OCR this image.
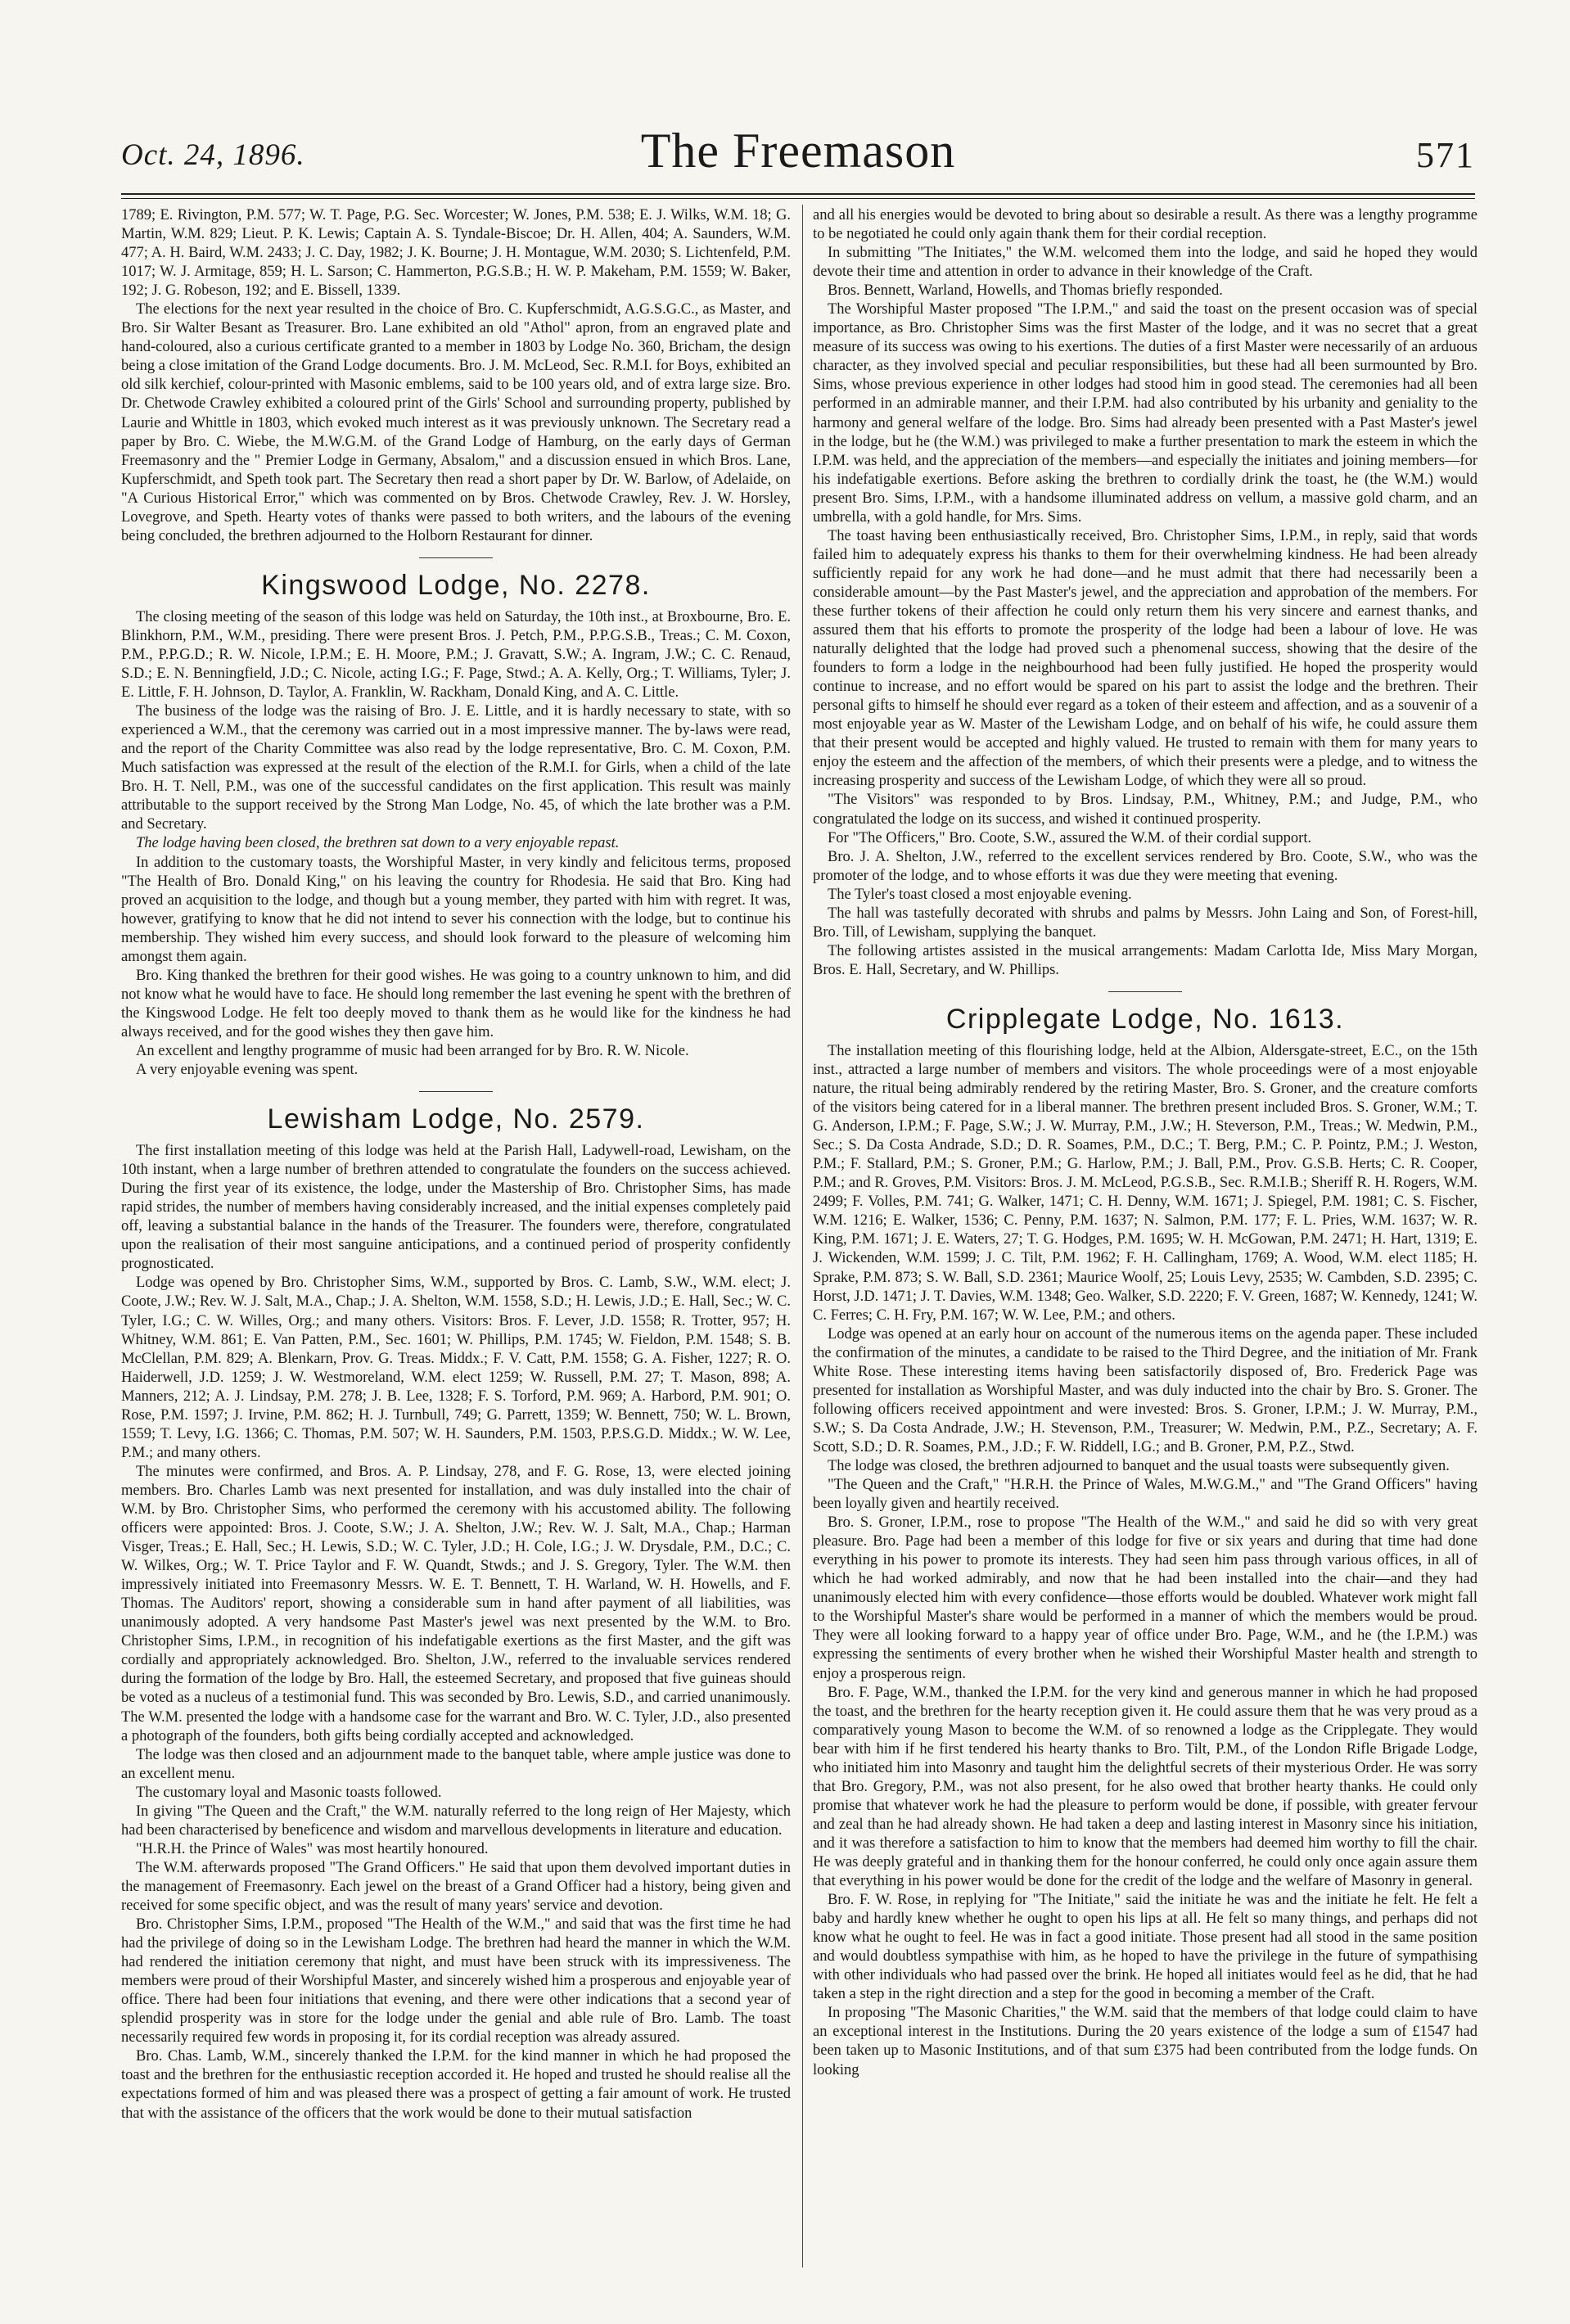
Oct. 24, 1896.	The Freemason	571

1789; E. Rivington, P.M. 577; W. T. Page, P.G. Sec. Worcester; W. Jones, P.M. 538; E. J. Wilks, W.M. 18; G. Martin, W.M. 829; Lieut. P. K. Lewis; Captain A. S. Tyndale-Biscoe; Dr. H. Allen, 404; A. Saunders, W.M. 477; A. H. Baird, W.M. 2433; J. C. Day, 1982; J. K. Bourne; J. H. Montague, W.M. 2030; S. Lichtenfeld, P.M. 1017; W. J. Armitage, 859; H. L. Sarson; C. Hammerton, P.G.S.B.; H. W. P. Makeham, P.M. 1559; W. Baker, 192; J. G. Robeson, 192; and E. Bissell, 1339.

The elections for the next year resulted in the choice of Bro. C. Kupferschmidt, A.G.S.G.C., as Master, and Bro. Sir Walter Besant as Treasurer. Bro. Lane exhibited an old "Athol" apron, from an engraved plate and hand-coloured, also a curious certificate granted to a member in 1803 by Lodge No. 360, Bricham, the design being a close imitation of the Grand Lodge documents. Bro. J. M. McLeod, Sec. R.M.I. for Boys, exhibited an old silk kerchief, colour-printed with Masonic emblems, said to be 100 years old, and of extra large size. Bro. Dr. Chetwode Crawley exhibited a coloured print of the Girls' School and surrounding property, published by Laurie and Whittle in 1803, which evoked much interest as it was previously unknown. The Secretary read a paper by Bro. C. Wiebe, the M.W.G.M. of the Grand Lodge of Hamburg, on the early days of German Freemasonry and the " Premier Lodge in Germany, Absalom," and a discussion ensued in which Bros. Lane, Kupferschmidt, and Speth took part. The Secretary then read a short paper by Dr. W. Barlow, of Adelaide, on "A Curious Historical Error," which was commented on by Bros. Chetwode Crawley, Rev. J. W. Horsley, Lovegrove, and Speth. Hearty votes of thanks were passed to both writers, and the labours of the evening being concluded, the brethren adjourned to the Holborn Restaurant for dinner.

Kingswood Lodge, No. 2278.

The closing meeting of the season of this lodge was held on Saturday, the 10th inst., at Broxbourne, Bro. E. Blinkhorn, P.M., W.M., presiding. There were present Bros. J. Petch, P.M., P.P.G.S.B., Treas.; C. M. Coxon, P.M., P.P.G.D.; R. W. Nicole, I.P.M.; E. H. Moore, P.M.; J. Gravatt, S.W.; A. Ingram, J.W.; C. C. Renaud, S.D.; E. N. Benningfield, J.D.; C. Nicole, acting I.G.; F. Page, Stwd.; A. A. Kelly, Org.; T. Williams, Tyler; J. E. Little, F. H. Johnson, D. Taylor, A. Franklin, W. Rackham, Donald King, and A. C. Little.

The business of the lodge was the raising of Bro. J. E. Little, and it is hardly necessary to state, with so experienced a W.M., that the ceremony was carried out in a most impressive manner. The by-laws were read, and the report of the Charity Committee was also read by the lodge representative, Bro. C. M. Coxon, P.M. Much satisfaction was expressed at the result of the election of the R.M.I. for Girls, when a child of the late Bro. H. T. Nell, P.M., was one of the successful candidates on the first application. This result was mainly attributable to the support received by the Strong Man Lodge, No. 45, of which the late brother was a P.M. and Secretary.

The lodge having been closed, the brethren sat down to a very enjoyable repast.

In addition to the customary toasts, the Worshipful Master, in very kindly and felicitous terms, proposed "The Health of Bro. Donald King," on his leaving the country for Rhodesia. He said that Bro. King had proved an acquisition to the lodge, and though but a young member, they parted with him with regret. It was, however, gratifying to know that he did not intend to sever his connection with the lodge, but to continue his membership. They wished him every success, and should look forward to the pleasure of welcoming him amongst them again.

Bro. King thanked the brethren for their good wishes. He was going to a country unknown to him, and did not know what he would have to face. He should long remember the last evening he spent with the brethren of the Kingswood Lodge. He felt too deeply moved to thank them as he would like for the kindness he had always received, and for the good wishes they then gave him.

An excellent and lengthy programme of music had been arranged for by Bro. R. W. Nicole.

A very enjoyable evening was spent.

Lewisham Lodge, No. 2579.

The first installation meeting of this lodge was held at the Parish Hall, Ladywell-road, Lewisham, on the 10th instant, when a large number of brethren attended to congratulate the founders on the success achieved. During the first year of its existence, the lodge, under the Mastership of Bro. Christopher Sims, has made rapid strides, the number of members having considerably increased, and the initial expenses completely paid off, leaving a substantial balance in the hands of the Treasurer. The founders were, therefore, congratulated upon the realisation of their most sanguine anticipations, and a continued period of prosperity confidently prognosticated.

Lodge was opened by Bro. Christopher Sims, W.M., supported by Bros. C. Lamb, S.W., W.M. elect; J. Coote, J.W.; Rev. W. J. Salt, M.A., Chap.; J. A. Shelton, W.M. 1558, S.D.; H. Lewis, J.D.; E. Hall, Sec.; W. C. Tyler, I.G.; C. W. Willes, Org.; and many others. Visitors: Bros. F. Lever, J.D. 1558; R. Trotter, 957; H. Whitney, W.M. 861; E. Van Patten, P.M., Sec. 1601; W. Phillips, P.M. 1745; W. Fieldon, P.M. 1548; S. B. McClellan, P.M. 829; A. Blenkarn, Prov. G. Treas. Middx.; F. V. Catt, P.M. 1558; G. A. Fisher, 1227; R. O. Haiderwell, J.D. 1259; J. W. Westmoreland, W.M. elect 1259; W. Russell, P.M. 27; T. Mason, 898; A. Manners, 212; A. J. Lindsay, P.M. 278; J. B. Lee, 1328; F. S. Torford, P.M. 969; A. Harbord, P.M. 901; O. Rose, P.M. 1597; J. Irvine, P.M. 862; H. J. Turnbull, 749; G. Parrett, 1359; W. Bennett, 750; W. L. Brown, 1559; T. Levy, I.G. 1366; C. Thomas, P.M. 507; W. H. Saunders, P.M. 1503, P.P.S.G.D. Middx.; W. W. Lee, P.M.; and many others.

The minutes were confirmed, and Bros. A. P. Lindsay, 278, and F. G. Rose, 13, were elected joining members. Bro. Charles Lamb was next presented for installation, and was duly installed into the chair of W.M. by Bro. Christopher Sims, who performed the ceremony with his accustomed ability. The following officers were appointed: Bros. J. Coote, S.W.; J. A. Shelton, J.W.; Rev. W. J. Salt, M.A., Chap.; Harman Visger, Treas.; E. Hall, Sec.; H. Lewis, S.D.; W. C. Tyler, J.D.; H. Cole, I.G.; J. W. Drysdale, P.M., D.C.; C. W. Wilkes, Org.; W. T. Price Taylor and F. W. Quandt, Stwds.; and J. S. Gregory, Tyler. The W.M. then impressively initiated into Freemasonry Messrs. W. E. T. Bennett, T. H. Warland, W. H. Howells, and F. Thomas. The Auditors' report, showing a considerable sum in hand after payment of all liabilities, was unanimously adopted. A very handsome Past Master's jewel was next presented by the W.M. to Bro. Christopher Sims, I.P.M., in recognition of his indefatigable exertions as the first Master, and the gift was cordially and appropriately acknowledged. Bro. Shelton, J.W., referred to the invaluable services rendered during the formation of the lodge by Bro. Hall, the esteemed Secretary, and proposed that five guineas should be voted as a nucleus of a testimonial fund. This was seconded by Bro. Lewis, S.D., and carried unanimously. The W.M. presented the lodge with a handsome case for the warrant and Bro. W. C. Tyler, J.D., also presented a photograph of the founders, both gifts being cordially accepted and acknowledged.

The lodge was then closed and an adjournment made to the banquet table, where ample justice was done to an excellent menu.

The customary loyal and Masonic toasts followed.

In giving "The Queen and the Craft," the W.M. naturally referred to the long reign of Her Majesty, which had been characterised by beneficence and wisdom and marvellous developments in literature and education.

"H.R.H. the Prince of Wales" was most heartily honoured.

The W.M. afterwards proposed "The Grand Officers." He said that upon them devolved important duties in the management of Freemasonry. Each jewel on the breast of a Grand Officer had a history, being given and received for some specific object, and was the result of many years' service and devotion.

Bro. Christopher Sims, I.P.M., proposed "The Health of the W.M.," and said that was the first time he had had the privilege of doing so in the Lewisham Lodge. The brethren had heard the manner in which the W.M. had rendered the initiation ceremony that night, and must have been struck with its impressiveness. The members were proud of their Worshipful Master, and sincerely wished him a prosperous and enjoyable year of office. There had been four initiations that evening, and there were other indications that a second year of splendid prosperity was in store for the lodge under the genial and able rule of Bro. Lamb. The toast necessarily required few words in proposing it, for its cordial reception was already assured.

Bro. Chas. Lamb, W.M., sincerely thanked the I.P.M. for the kind manner in which he had proposed the toast and the brethren for the enthusiastic reception accorded it. He hoped and trusted he should realise all the expectations formed of him and was pleased there was a prospect of getting a fair amount of work. He trusted that with the assistance of the officers that the work would be done to their mutual satisfaction

and all his energies would be devoted to bring about so desirable a result. As there was a lengthy programme to be negotiated he could only again thank them for their cordial reception.

In submitting "The Initiates," the W.M. welcomed them into the lodge, and said he hoped they would devote their time and attention in order to advance in their knowledge of the Craft.

Bros. Bennett, Warland, Howells, and Thomas briefly responded.

The Worshipful Master proposed "The I.P.M.," and said the toast on the present occasion was of special importance, as Bro. Christopher Sims was the first Master of the lodge, and it was no secret that a great measure of its success was owing to his exertions. The duties of a first Master were necessarily of an arduous character, as they involved special and peculiar responsibilities, but these had all been surmounted by Bro. Sims, whose previous experience in other lodges had stood him in good stead. The ceremonies had all been performed in an admirable manner, and their I.P.M. had also contributed by his urbanity and geniality to the harmony and general welfare of the lodge. Bro. Sims had already been presented with a Past Master's jewel in the lodge, but he (the W.M.) was privileged to make a further presentation to mark the esteem in which the I.P.M. was held, and the appreciation of the members—and especially the initiates and joining members—for his indefatigable exertions. Before asking the brethren to cordially drink the toast, he (the W.M.) would present Bro. Sims, I.P.M., with a handsome illuminated address on vellum, a massive gold charm, and an umbrella, with a gold handle, for Mrs. Sims.

The toast having been enthusiastically received, Bro. Christopher Sims, I.P.M., in reply, said that words failed him to adequately express his thanks to them for their overwhelming kindness. He had been already sufficiently repaid for any work he had done—and he must admit that there had necessarily been a considerable amount—by the Past Master's jewel, and the appreciation and approbation of the members. For these further tokens of their affection he could only return them his very sincere and earnest thanks, and assured them that his efforts to promote the prosperity of the lodge had been a labour of love. He was naturally delighted that the lodge had proved such a phenomenal success, showing that the desire of the founders to form a lodge in the neighbourhood had been fully justified. He hoped the prosperity would continue to increase, and no effort would be spared on his part to assist the lodge and the brethren. Their personal gifts to himself he should ever regard as a token of their esteem and affection, and as a souvenir of a most enjoyable year as W. Master of the Lewisham Lodge, and on behalf of his wife, he could assure them that their present would be accepted and highly valued. He trusted to remain with them for many years to enjoy the esteem and the affection of the members, of which their presents were a pledge, and to witness the increasing prosperity and success of the Lewisham Lodge, of which they were all so proud.

"The Visitors" was responded to by Bros. Lindsay, P.M., Whitney, P.M.; and Judge, P.M., who congratulated the lodge on its success, and wished it continued prosperity.

For "The Officers," Bro. Coote, S.W., assured the W.M. of their cordial support.

Bro. J. A. Shelton, J.W., referred to the excellent services rendered by Bro. Coote, S.W., who was the promoter of the lodge, and to whose efforts it was due they were meeting that evening.

The Tyler's toast closed a most enjoyable evening.

The hall was tastefully decorated with shrubs and palms by Messrs. John Laing and Son, of Forest-hill, Bro. Till, of Lewisham, supplying the banquet.

The following artistes assisted in the musical arrangements: Madam Carlotta Ide, Miss Mary Morgan, Bros. E. Hall, Secretary, and W. Phillips.

Cripplegate Lodge, No. 1613.

The installation meeting of this flourishing lodge, held at the Albion, Aldersgate-street, E.C., on the 15th inst., attracted a large number of members and visitors. The whole proceedings were of a most enjoyable nature, the ritual being admirably rendered by the retiring Master, Bro. S. Groner, and the creature comforts of the visitors being catered for in a liberal manner. The brethren present included Bros. S. Groner, W.M.; T. G. Anderson, I.P.M.; F. Page, S.W.; J. W. Murray, P.M., J.W.; H. Steverson, P.M., Treas.; W. Medwin, P.M., Sec.; S. Da Costa Andrade, S.D.; D. R. Soames, P.M., D.C.; T. Berg, P.M.; C. P. Pointz, P.M.; J. Weston, P.M.; F. Stallard, P.M.; S. Groner, P.M.; G. Harlow, P.M.; J. Ball, P.M., Prov. G.S.B. Herts; C. R. Cooper, P.M.; and R. Groves, P.M. Visitors: Bros. J. M. McLeod, P.G.S.B., Sec. R.M.I.B.; Sheriff R. H. Rogers, W.M. 2499; F. Volles, P.M. 741; G. Walker, 1471; C. H. Denny, W.M. 1671; J. Spiegel, P.M. 1981; C. S. Fischer, W.M. 1216; E. Walker, 1536; C. Penny, P.M. 1637; N. Salmon, P.M. 177; F. L. Pries, W.M. 1637; W. R. King, P.M. 1671; J. E. Waters, 27; T. G. Hodges, P.M. 1695; W. H. McGowan, P.M. 2471; H. Hart, 1319; E. J. Wickenden, W.M. 1599; J. C. Tilt, P.M. 1962; F. H. Callingham, 1769; A. Wood, W.M. elect 1185; H. Sprake, P.M. 873; S. W. Ball, S.D. 2361; Maurice Woolf, 25; Louis Levy, 2535; W. Cambden, S.D. 2395; C. Horst, J.D. 1471; J. T. Davies, W.M. 1348; Geo. Walker, S.D. 2220; F. V. Green, 1687; W. Kennedy, 1241; W. C. Ferres; C. H. Fry, P.M. 167; W. W. Lee, P.M.; and others.

Lodge was opened at an early hour on account of the numerous items on the agenda paper. These included the confirmation of the minutes, a candidate to be raised to the Third Degree, and the initiation of Mr. Frank White Rose. These interesting items having been satisfactorily disposed of, Bro. Frederick Page was presented for installation as Worshipful Master, and was duly inducted into the chair by Bro. S. Groner. The following officers received appointment and were invested: Bros. S. Groner, I.P.M.; J. W. Murray, P.M., S.W.; S. Da Costa Andrade, J.W.; H. Stevenson, P.M., Treasurer; W. Medwin, P.M., P.Z., Secretary; A. F. Scott, S.D.; D. R. Soames, P.M., J.D.; F. W. Riddell, I.G.; and B. Groner, P.M, P.Z., Stwd.

The lodge was closed, the brethren adjourned to banquet and the usual toasts were subsequently given.

"The Queen and the Craft," "H.R.H. the Prince of Wales, M.W.G.M.," and "The Grand Officers" having been loyally given and heartily received.

Bro. S. Groner, I.P.M., rose to propose "The Health of the W.M.," and said he did so with very great pleasure. Bro. Page had been a member of this lodge for five or six years and during that time had done everything in his power to promote its interests. They had seen him pass through various offices, in all of which he had worked admirably, and now that he had been installed into the chair—and they had unanimously elected him with every confidence—those efforts would be doubled. Whatever work might fall to the Worshipful Master's share would be performed in a manner of which the members would be proud. They were all looking forward to a happy year of office under Bro. Page, W.M., and he (the I.P.M.) was expressing the sentiments of every brother when he wished their Worshipful Master health and strength to enjoy a prosperous reign.

Bro. F. Page, W.M., thanked the I.P.M. for the very kind and generous manner in which he had proposed the toast, and the brethren for the hearty reception given it. He could assure them that he was very proud as a comparatively young Mason to become the W.M. of so renowned a lodge as the Cripplegate. They would bear with him if he first tendered his hearty thanks to Bro. Tilt, P.M., of the London Rifle Brigade Lodge, who initiated him into Masonry and taught him the delightful secrets of their mysterious Order. He was sorry that Bro. Gregory, P.M., was not also present, for he also owed that brother hearty thanks. He could only promise that whatever work he had the pleasure to perform would be done, if possible, with greater fervour and zeal than he had already shown. He had taken a deep and lasting interest in Masonry since his initiation, and it was therefore a satisfaction to him to know that the members had deemed him worthy to fill the chair. He was deeply grateful and in thanking them for the honour conferred, he could only once again assure them that everything in his power would be done for the credit of the lodge and the welfare of Masonry in general.

Bro. F. W. Rose, in replying for "The Initiate," said the initiate he was and the initiate he felt. He felt a baby and hardly knew whether he ought to open his lips at all. He felt so many things, and perhaps did not know what he ought to feel. He was in fact a good initiate. Those present had all stood in the same position and would doubtless sympathise with him, as he hoped to have the privilege in the future of sympathising with other individuals who had passed over the brink. He hoped all initiates would feel as he did, that he had taken a step in the right direction and a step for the good in becoming a member of the Craft.

In proposing "The Masonic Charities," the W.M. said that the members of that lodge could claim to have an exceptional interest in the Institutions. During the 20 years existence of the lodge a sum of £1547 had been taken up to Masonic Institutions, and of that sum £375 had been contributed from the lodge funds. On looking
